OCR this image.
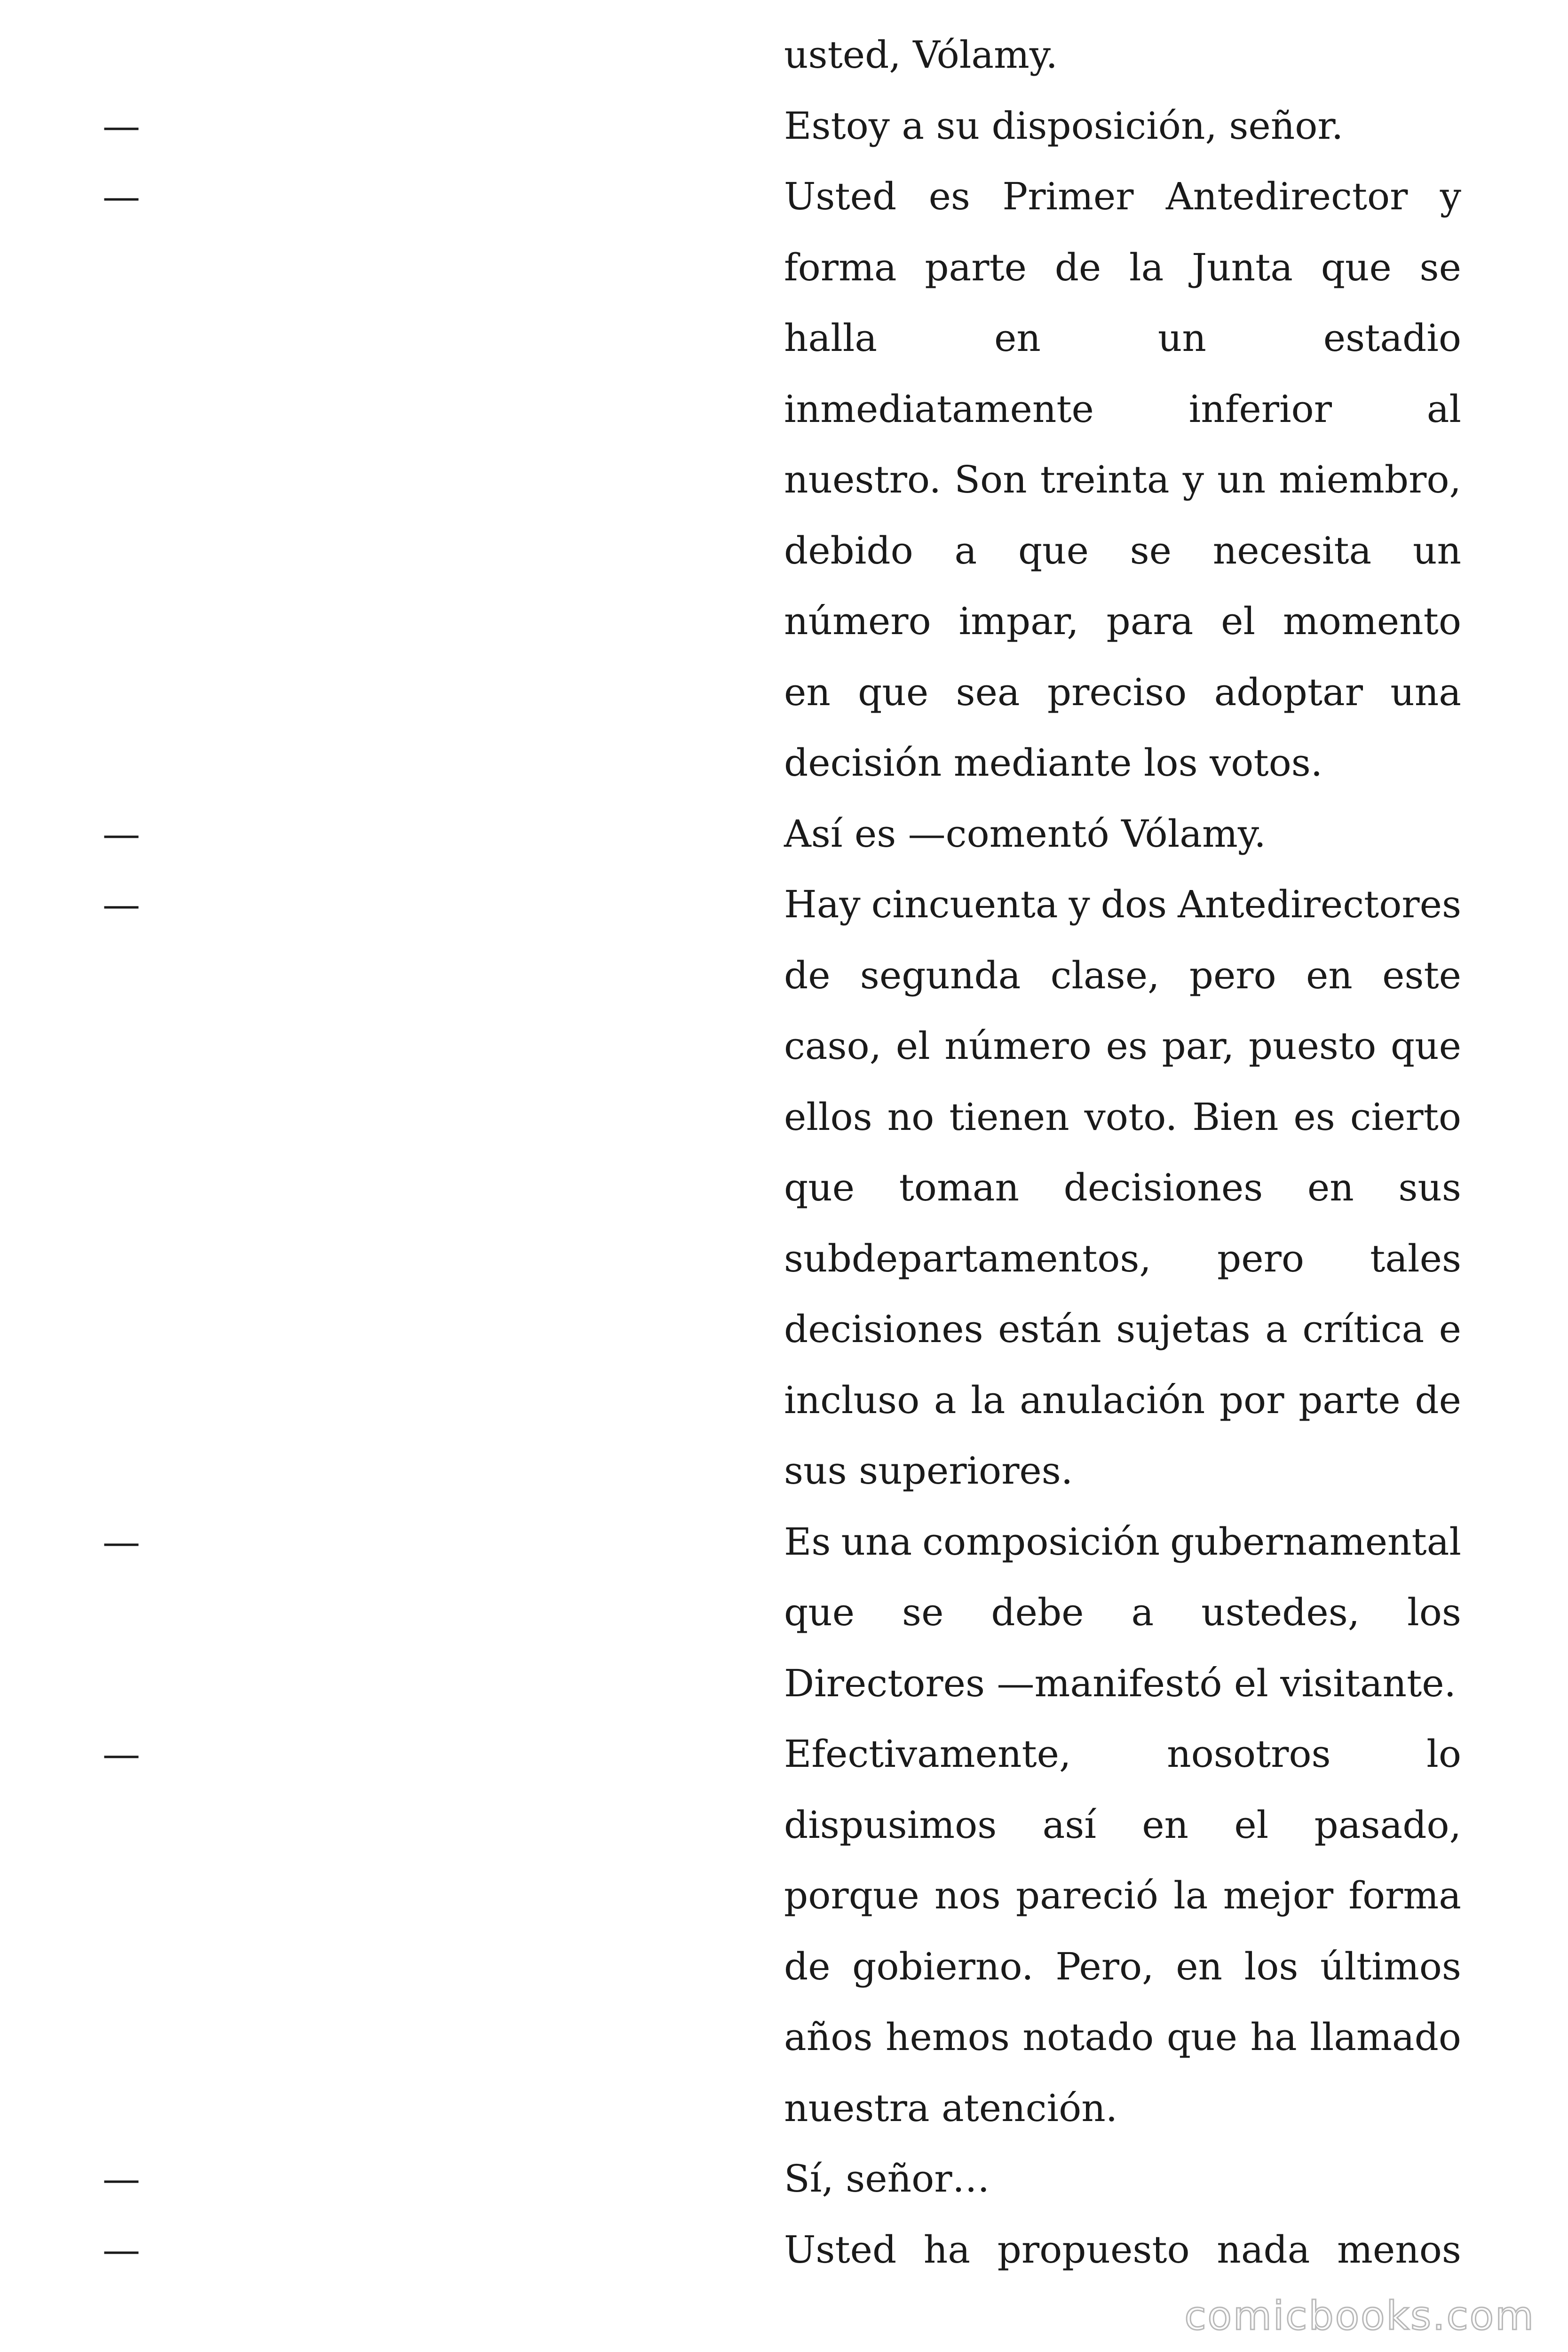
usted, Vólamy.
—	Estoy a su disposición, señor.
—	Usted es Primer Antedirector y
forma parte de la Junta que se
halla	en	un	estadio
inmediatamente	inferior	al
nuestro. Son treinta y un miembro,
debido a que se necesita un
número impar, para el momento
en que sea preciso adoptar una
decisión mediante los votos.
—	Así es —comentó Vólamy.
—	Hay cincuenta y dos Antedirectores
de segunda clase, pero en este
caso, el número es par, puesto que
ellos no tienen voto. Bien es cierto
que toman decisiones en sus
subdepartamentos, pero tales
decisiones están sujetas a crítica e
incluso a la anulación por parte de
sus superiores.
—	Es una composición gubernamental
que se debe a ustedes, los
Directores —manifestó el visitante.
—	Efectivamente,	nosotros	lo
dispusimos así en el pasado,
porque nos pareció la mejor forma
de gobierno. Pero, en los últimos
años hemos notado que ha llamado
nuestra atención.
—	Sí, señor…
—	Usted ha propuesto nada menos
comicbooks.com
